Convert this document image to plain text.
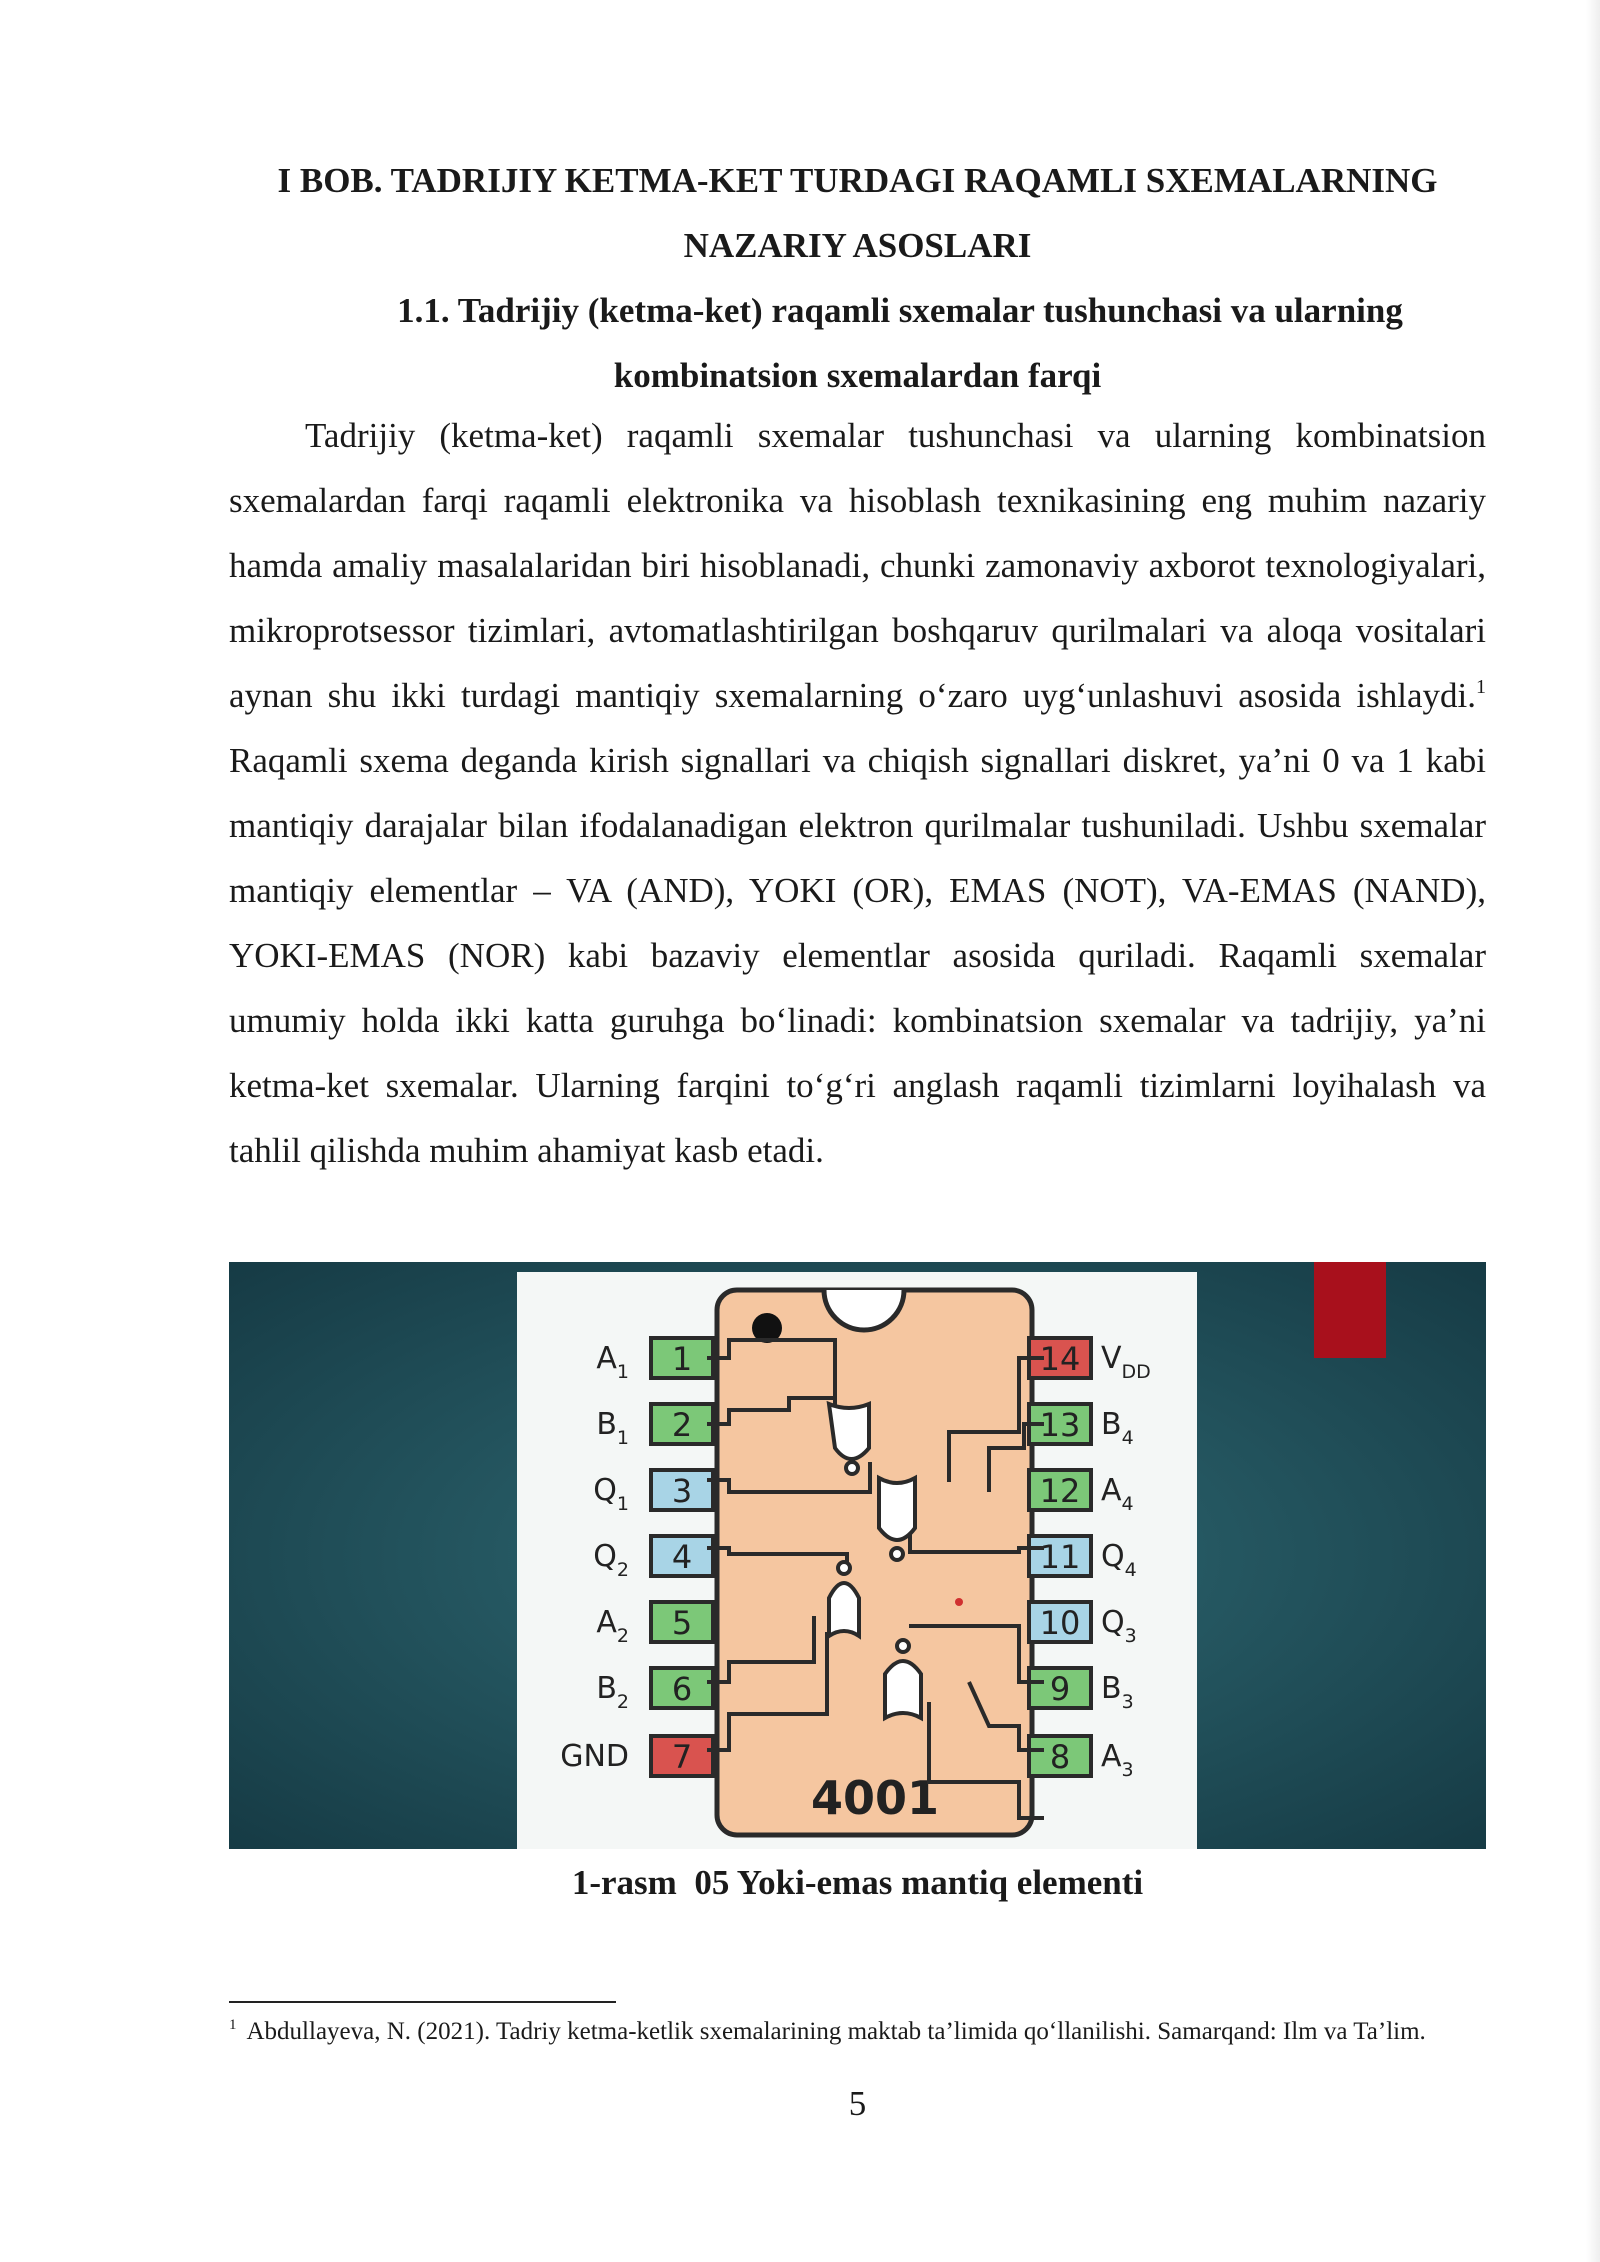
I BOB. TADRIJIY KETMA-KET TURDAGI RAQAMLI SXEMALARNING NAZARIY ASOSLARI
1.1. Tadrijiy (ketma-ket) raqamli sxemalar tushunchasi va ularning
kombinatsion sxemalardan farqi

Tadrijiy (ketma-ket) raqamli sxemalar tushunchasi va ularning kombinatsion sxemalardan farqi raqamli elektronika va hisoblash texnikasining eng muhim nazariy hamda amaliy masalalaridan biri hisoblanadi, chunki zamonaviy axborot texnologiyalari, mikroprotsessor tizimlari, avtomatlashtirilgan boshqaruv qurilmalari va aloqa vositalari aynan shu ikki turdagi mantiqiy sxemalarning o‘zaro uyg‘unlashuvi asosida ishlaydi.$^1$ Raqamli sxema deganda kirish signallari va chiqish signallari diskret, ya’ni 0 va 1 kabi mantiqiy darajalar bilan ifodalanadigan elektron qurilmalar tushuniladi. Ushbu sxemalar mantiqiy elementlar – VA (AND), YOKI (OR), EMAS (NOT), VA-EMAS (NAND), YOKI-EMAS (NOR) kabi bazaviy elementlar asosida quriladi. Raqamli sxemalar umumiy holda ikki katta guruhga bo‘linadi: kombinatsion sxemalar va tadrijiy, ya’ni ketma-ket sxemalar. Ularning farqini to‘g‘ri anglash raqamli tizimlarni loyihalash va tahlil qilishda muhim ahamiyat kasb etadi.

4001
1
$A_1$
2
$B_1$
3
$Q_1$
4
$Q_2$
5
$A_2$
6
$B_2$
7
GND
14 $V_{DD}$
13 $B_4$
12 $A_4$
11 $Q_4$
10 $Q_3$
9 $B_3$
8 $A_3$

1-rasm  05 Yoki-emas mantiq elementi

$^1$ Abdullayeva, N. (2021). Tadriy ketma-ketlik sxemalarining maktab ta’limida qo‘llanilishi. Samarqand: Ilm va Ta’lim.

5
